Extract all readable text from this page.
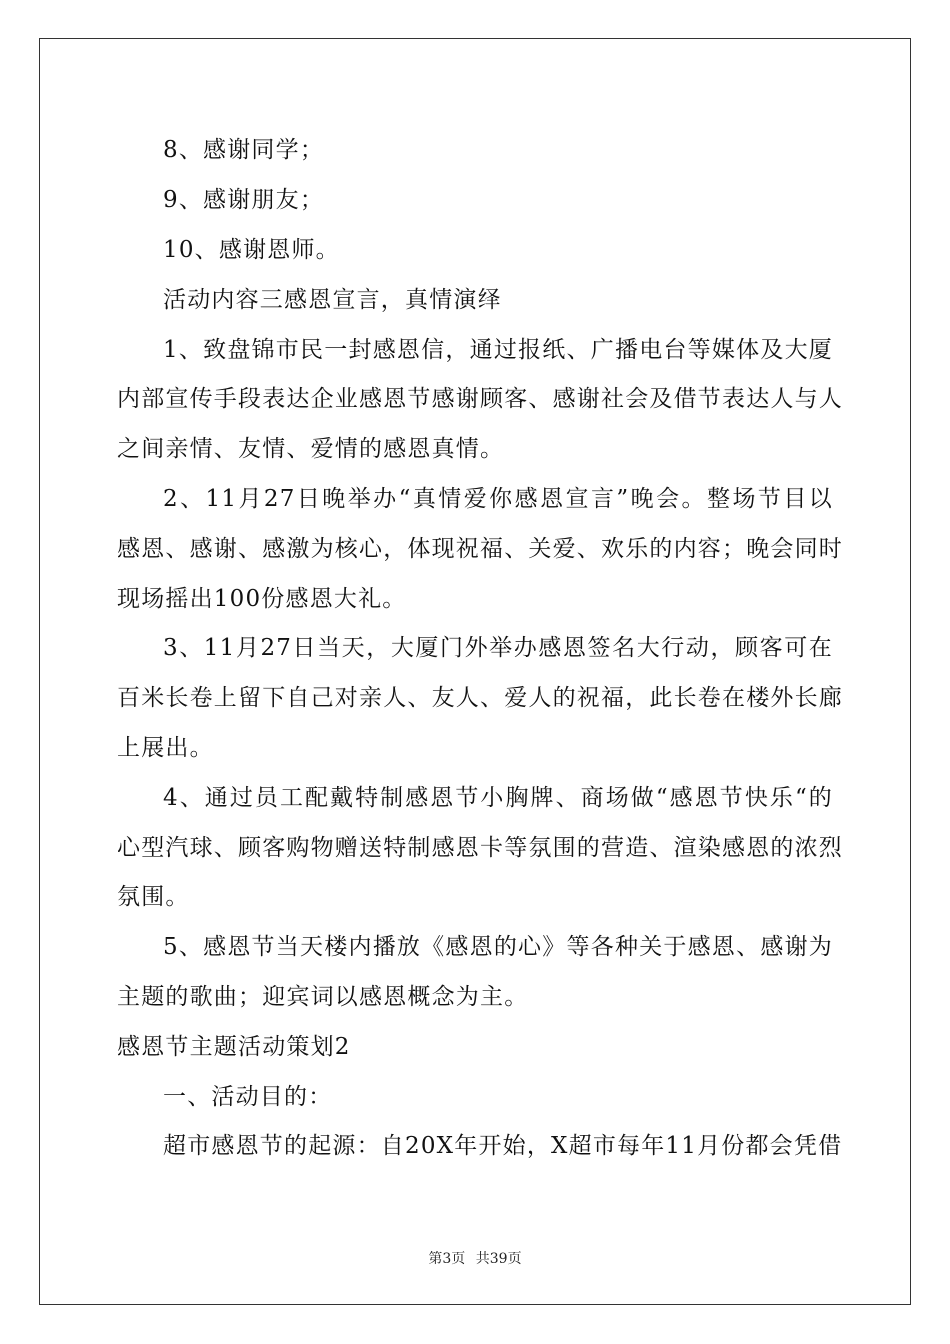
8、感谢同学；
9、感谢朋友；
10、感谢恩师。
活动内容三感恩宣言，真情演绎
1、致盘锦市民一封感恩信，通过报纸、广播电台等媒体及大厦
内部宣传手段表达企业感恩节感谢顾客、感谢社会及借节表达人与人
之间亲情、友情、爱情的感恩真情。
2、11月27日晚举办“真情爱你感恩宣言”晚会。整场节目以
感恩、感谢、感激为核心，体现祝福、关爱、欢乐的内容；晚会同时
现场摇出100份感恩大礼。
3、11月27日当天，大厦门外举办感恩签名大行动，顾客可在
百米长卷上留下自己对亲人、友人、爱人的祝福，此长卷在楼外长廊
上展出。
4、通过员工配戴特制感恩节小胸牌、商场做“感恩节快乐“的
心型汽球、顾客购物赠送特制感恩卡等氛围的营造、渲染感恩的浓烈
氛围。
5、感恩节当天楼内播放《感恩的心》等各种关于感恩、感谢为
主题的歌曲；迎宾词以感恩概念为主。
感恩节主题活动策划2
一、活动目的：
超市感恩节的起源：自20X年开始，X超市每年11月份都会凭借
第3页 共39页
